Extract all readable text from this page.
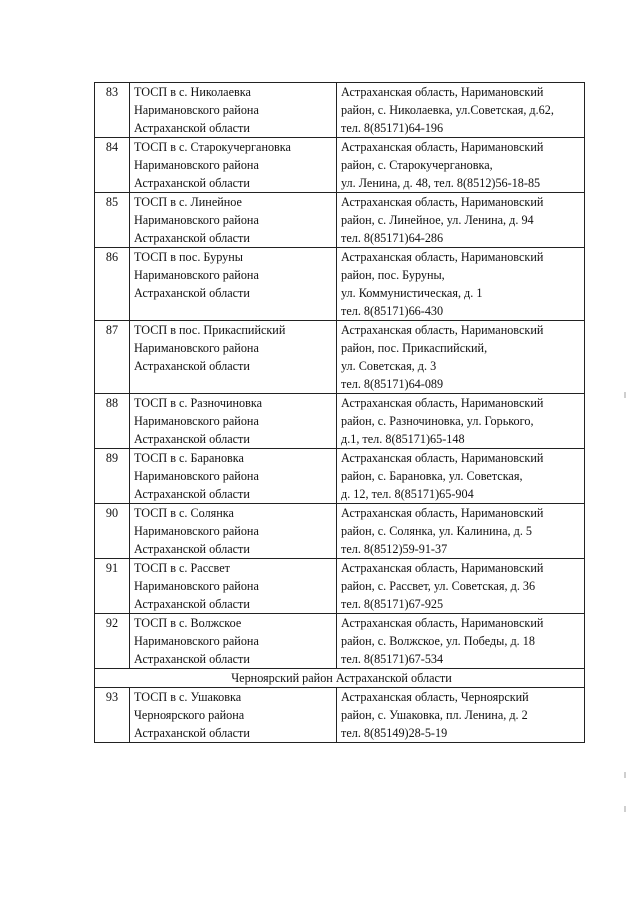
83	ТОСП в с. Николаевка
Наримановского района
Астраханской области	Астраханская область, Наримановский
район, с. Николаевка, ул.Советская, д.62,
тел. 8(85171)64-196

84	ТОСП в с. Старокучергановка
Наримановского района
Астраханской области	Астраханская область, Наримановский
район, с. Старокучергановка,
ул. Ленина, д. 48, тел. 8(8512)56-18-85

85	ТОСП в с. Линейное
Наримановского района
Астраханской области	Астраханская область, Наримановский
район, с. Линейное, ул. Ленина, д. 94
тел. 8(85171)64-286

86	ТОСП в пос. Буруны
Наримановского района
Астраханской области	Астраханская область, Наримановский
район, пос. Буруны,
ул. Коммунистическая, д. 1
тел. 8(85171)66-430

87	ТОСП в пос. Прикаспийский
Наримановского района
Астраханской области	Астраханская область, Наримановский
район, пос. Прикаспийский,
ул. Советская, д. 3
тел. 8(85171)64-089

88	ТОСП в с. Разночиновка
Наримановского района
Астраханской области	Астраханская область, Наримановский
район, с. Разночиновка, ул. Горького,
д.1, тел. 8(85171)65-148

89	ТОСП в с. Барановка
Наримановского района
Астраханской области	Астраханская область, Наримановский
район, с. Барановка, ул. Советская,
д. 12, тел. 8(85171)65-904

90	ТОСП в с. Солянка
Наримановского района
Астраханской области	Астраханская область, Наримановский
район, с. Солянка, ул. Калинина, д. 5
тел. 8(8512)59-91-37

91	ТОСП в с. Рассвет
Наримановского района
Астраханской области	Астраханская область, Наримановский
район, с. Рассвет, ул. Советская, д. 36
тел. 8(85171)67-925

92	ТОСП в с. Волжское
Наримановского района
Астраханской области	Астраханская область, Наримановский
район, с. Волжское, ул. Победы, д. 18
тел. 8(85171)67-534

Черноярский район Астраханской области		
93	ТОСП в с. Ушаковка
Черноярского района
Астраханской области	Астраханская область, Черноярский
район, с. Ушаковка, пл. Ленина, д. 2
тел. 8(85149)28-5-19
